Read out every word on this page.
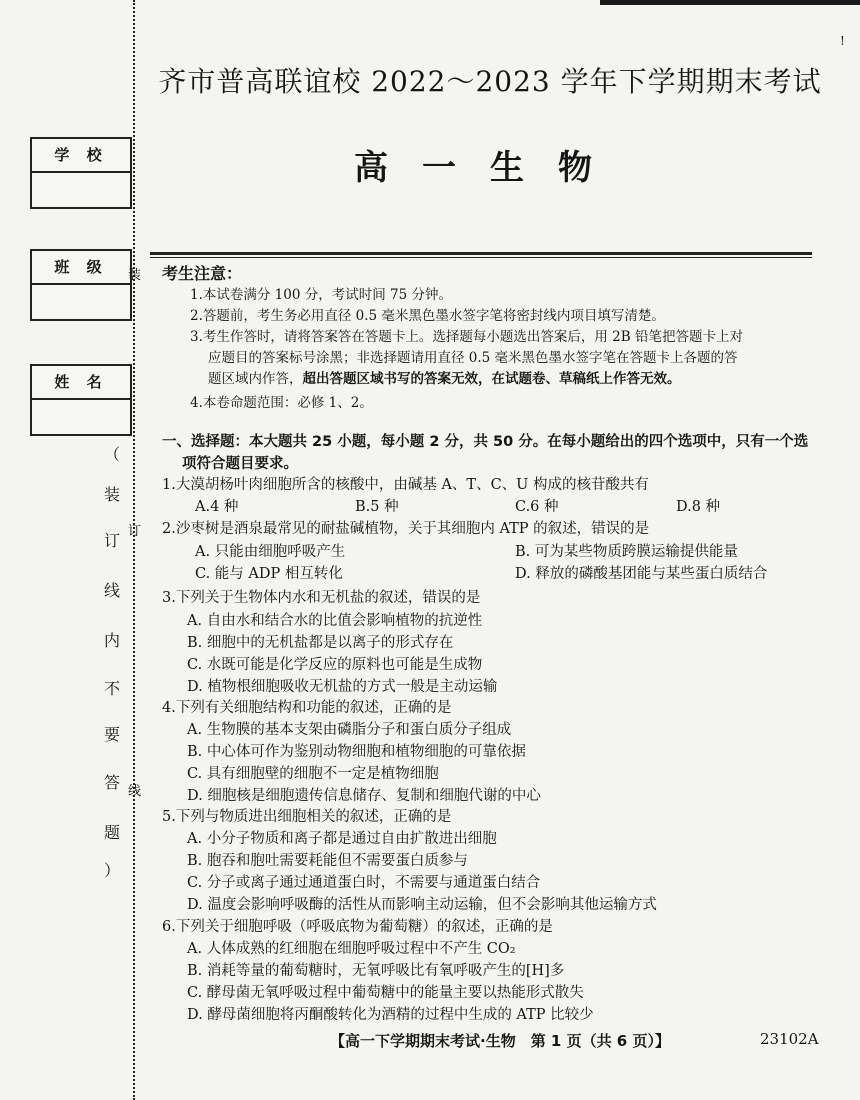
!
学 校
班 级
姓 名
（
装
订
线
内
不
要
答
题
）
装
订
线
齐市普高联谊校 2022～2023 学年下学期期末考试
高一生物
考生注意：
1.本试卷满分 100 分，考试时间 75 分钟。
2.答题前，考生务必用直径 0.5 毫米黑色墨水签字笔将密封线内项目填写清楚。
3.考生作答时，请将答案答在答题卡上。选择题每小题选出答案后，用 2B 铅笔把答题卡上对
应题目的答案标号涂黑；非选择题请用直径 0.5 毫米黑色墨水签字笔在答题卡上各题的答
题区域内作答，超出答题区域书写的答案无效，在试题卷、草稿纸上作答无效。
4.本卷命题范围：必修 1、2。
一、选择题：本大题共 25 小题，每小题 2 分，共 50 分。在每小题给出的四个选项中，只有一个选
项符合题目要求。
1.大漠胡杨叶肉细胞所含的核酸中，由碱基 A、T、C、U 构成的核苷酸共有
A.4 种	B.5 种	C.6 种	D.8 种
2.沙枣树是酒泉最常见的耐盐碱植物，关于其细胞内 ATP 的叙述，错误的是
A. 只能由细胞呼吸产生	B. 可为某些物质跨膜运输提供能量
C. 能与 ADP 相互转化	D. 释放的磷酸基团能与某些蛋白质结合
3.下列关于生物体内水和无机盐的叙述，错误的是
A. 自由水和结合水的比值会影响植物的抗逆性
B. 细胞中的无机盐都是以离子的形式存在
C. 水既可能是化学反应的原料也可能是生成物
D. 植物根细胞吸收无机盐的方式一般是主动运输
4.下列有关细胞结构和功能的叙述，正确的是
A. 生物膜的基本支架由磷脂分子和蛋白质分子组成
B. 中心体可作为鉴别动物细胞和植物细胞的可靠依据
C. 具有细胞壁的细胞不一定是植物细胞
D. 细胞核是细胞遗传信息储存、复制和细胞代谢的中心
5.下列与物质进出细胞相关的叙述，正确的是
A. 小分子物质和离子都是通过自由扩散进出细胞
B. 胞吞和胞吐需要耗能但不需要蛋白质参与
C. 分子或离子通过通道蛋白时，不需要与通道蛋白结合
D. 温度会影响呼吸酶的活性从而影响主动运输，但不会影响其他运输方式
6.下列关于细胞呼吸（呼吸底物为葡萄糖）的叙述，正确的是
A. 人体成熟的红细胞在细胞呼吸过程中不产生 CO₂
B. 消耗等量的葡萄糖时，无氧呼吸比有氧呼吸产生的[H]多
C. 酵母菌无氧呼吸过程中葡萄糖中的能量主要以热能形式散失
D. 酵母菌细胞将丙酮酸转化为酒精的过程中生成的 ATP 比较少
【高一下学期期末考试·生物　第 1 页（共 6 页）】	23102A
